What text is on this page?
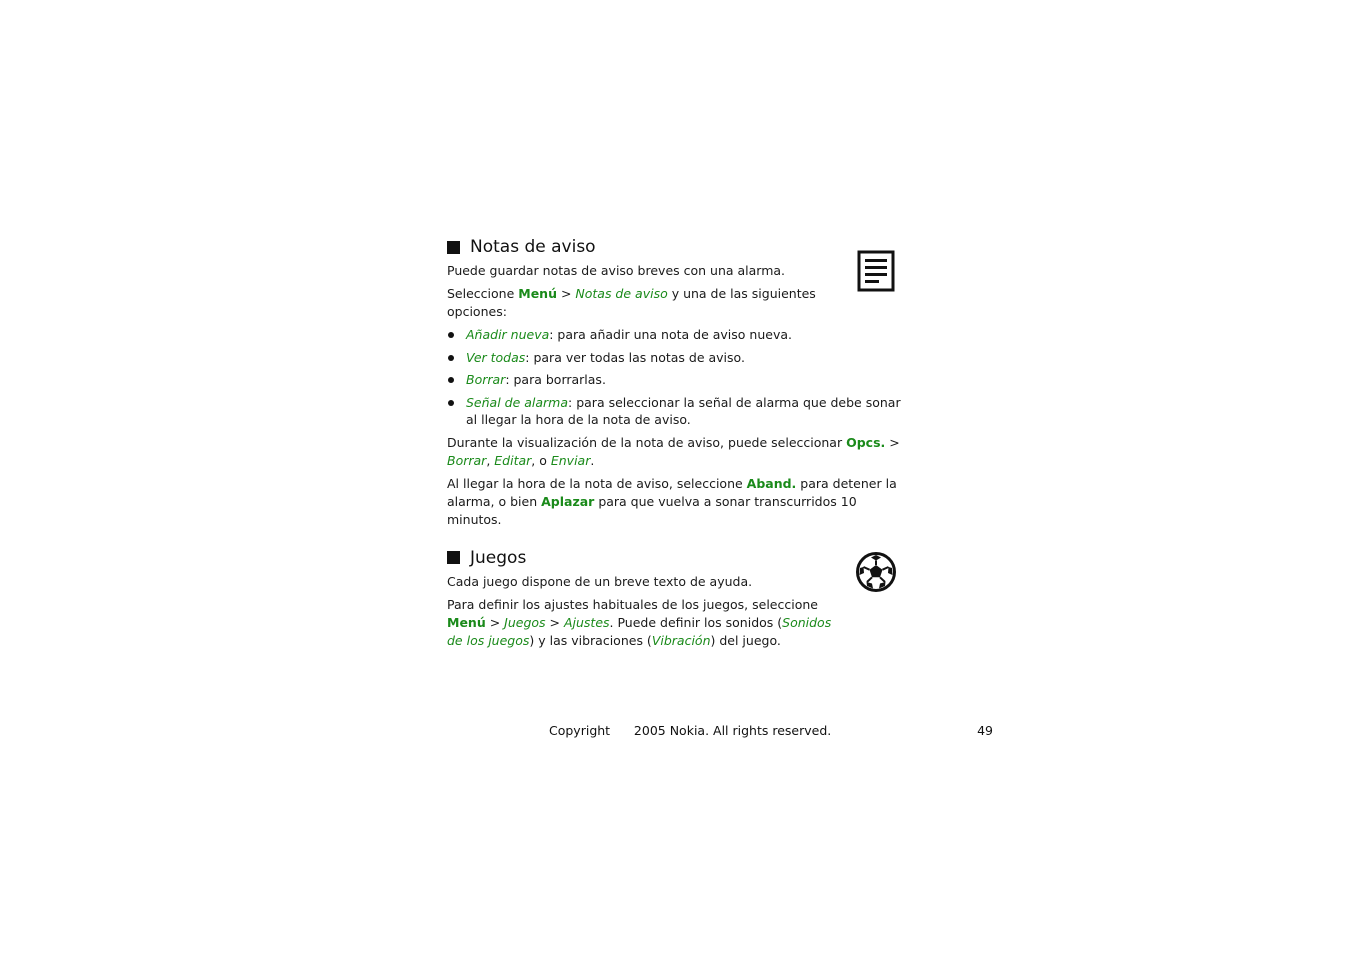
Notas de aviso

Puede guardar notas de aviso breves con una alarma.

Seleccione Menú > Notas de aviso y una de las siguientes opciones:

Añadir nueva: para añadir una nota de aviso nueva.
Ver todas: para ver todas las notas de aviso.
Borrar: para borrarlas.
Señal de alarma: para seleccionar la señal de alarma que debe sonar al llegar la hora de la nota de aviso.

Durante la visualización de la nota de aviso, puede seleccionar Opcs. > Borrar, Editar, o Enviar.

Al llegar la hora de la nota de aviso, seleccione Aband. para detener la alarma, o bien Aplazar para que vuelva a sonar transcurridos 10 minutos.

Juegos

Cada juego dispone de un breve texto de ayuda.

Para definir los ajustes habituales de los juegos, seleccione Menú > Juegos > Ajustes. Puede definir los sonidos (Sonidos de los juegos) y las vibraciones (Vibración) del juego.

Copyright      2005 Nokia. All rights reserved.	49
